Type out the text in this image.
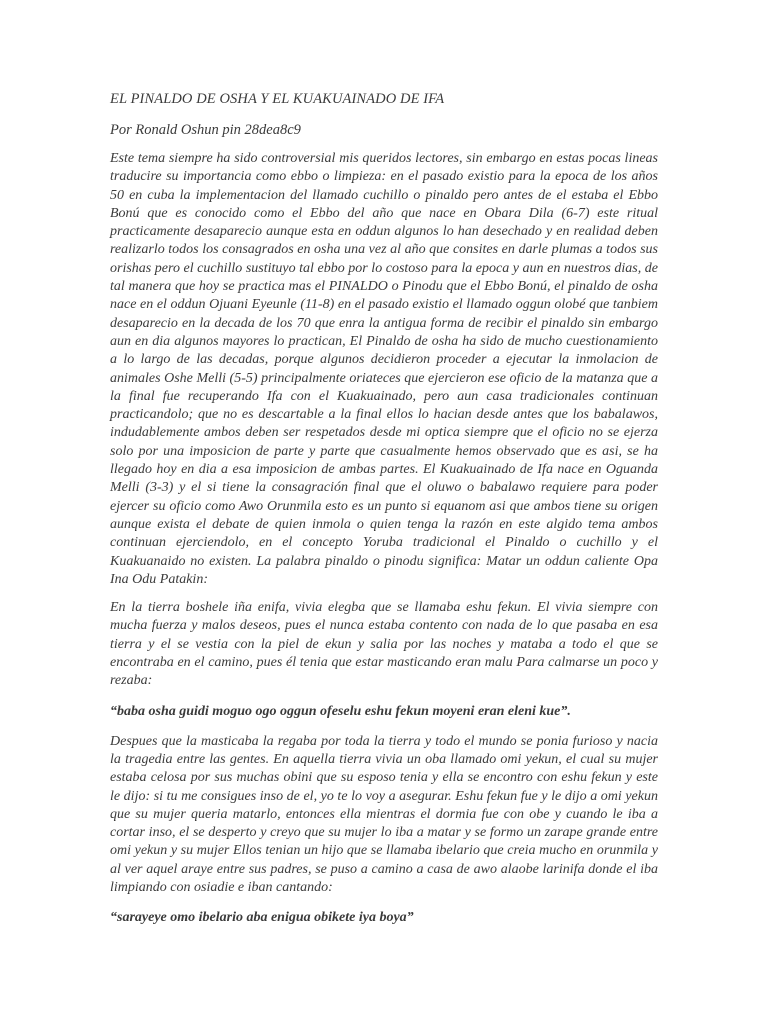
EL PINALDO DE OSHA Y EL KUAKUAINADO DE IFA

Por Ronald Oshun pin 28dea8c9

Este tema siempre ha sido controversial mis queridos lectores, sin embargo en estas pocas lineas traducire su importancia como ebbo o limpieza: en el pasado existio para la epoca de los años 50 en cuba la implementacion del llamado cuchillo o pinaldo pero antes de el estaba el Ebbo Bonú que es conocido como el Ebbo del año que nace en Obara Dila (6-7) este ritual practicamente desaparecio aunque esta en oddun algunos lo han desechado y en realidad deben realizarlo todos los consagrados en osha una vez al año que consites en darle plumas a todos sus orishas pero el cuchillo sustituyo tal ebbo por lo costoso para la epoca y aun en nuestros dias, de tal manera que hoy se practica mas el PINALDO o Pinodu que el Ebbo Bonú, el pinaldo de osha nace en el oddun Ojuani Eyeunle (11-8) en el pasado existio el llamado oggun olobé que tanbiem desaparecio en la decada de los 70 que enra la antigua forma de recibir el pinaldo sin embargo aun en dia algunos mayores lo practican, El Pinaldo de osha ha sido de mucho cuestionamiento a lo largo de las decadas, porque algunos decidieron proceder a ejecutar la inmolacion de animales Oshe Melli (5-5) principalmente oriateces que ejercieron ese oficio de la matanza que a la final fue recuperando Ifa con el Kuakuainado, pero aun casa tradicionales continuan practicandolo; que no es descartable a la final ellos lo hacian desde antes que los babalawos, indudablemente ambos deben ser respetados desde mi optica siempre que el oficio no se ejerza solo por una imposicion de parte y parte que casualmente hemos observado que es asi, se ha llegado hoy en dia a esa imposicion de ambas partes. El Kuakuainado de Ifa nace en Oguanda Melli (3-3) y el si tiene la consagración final que el oluwo o babalawo requiere para poder ejercer su oficio como Awo Orunmila esto es un punto si equanom asi que ambos tiene su origen aunque exista el debate de quien inmola o quien tenga la razón en este algido tema ambos continuan ejerciendolo, en el concepto Yoruba tradicional el Pinaldo o cuchillo y el Kuakuanaido no existen. La palabra pinaldo o pinodu significa: Matar un oddun caliente Opa Ina Odu Patakin:

En la tierra boshele iña enifa, vivia elegba que se llamaba eshu fekun. El vivia siempre con mucha fuerza y malos deseos, pues el nunca estaba contento con nada de lo que pasaba en esa tierra y el se vestia con la piel de ekun y salia por las noches y mataba a todo el que se encontraba en el camino, pues él tenia que estar masticando eran malu Para calmarse un poco y rezaba:

“baba osha guidi moguo ogo oggun ofeselu eshu fekun moyeni eran eleni kue”.

Despues que la masticaba la regaba por toda la tierra y todo el mundo se ponia furioso y nacia la tragedia entre las gentes. En aquella tierra vivia un oba llamado omi yekun, el cual su mujer estaba celosa por sus muchas obini que su esposo tenia y ella se encontro con eshu fekun y este le dijo: si tu me consigues inso de el, yo te lo voy a asegurar. Eshu fekun fue y le dijo a omi yekun que su mujer queria matarlo, entonces ella mientras el dormia fue con obe y cuando le iba a cortar inso, el se desperto y creyo que su mujer lo iba a matar y se formo un zarape grande entre omi yekun y su mujer Ellos tenian un hijo que se llamaba ibelario que creia mucho en orunmila y al ver aquel araye entre sus padres, se puso a camino a casa de awo alaobe larinifa donde el iba limpiando con osiadie e iban cantando:

“sarayeye omo ibelario aba enigua obikete iya boya”
